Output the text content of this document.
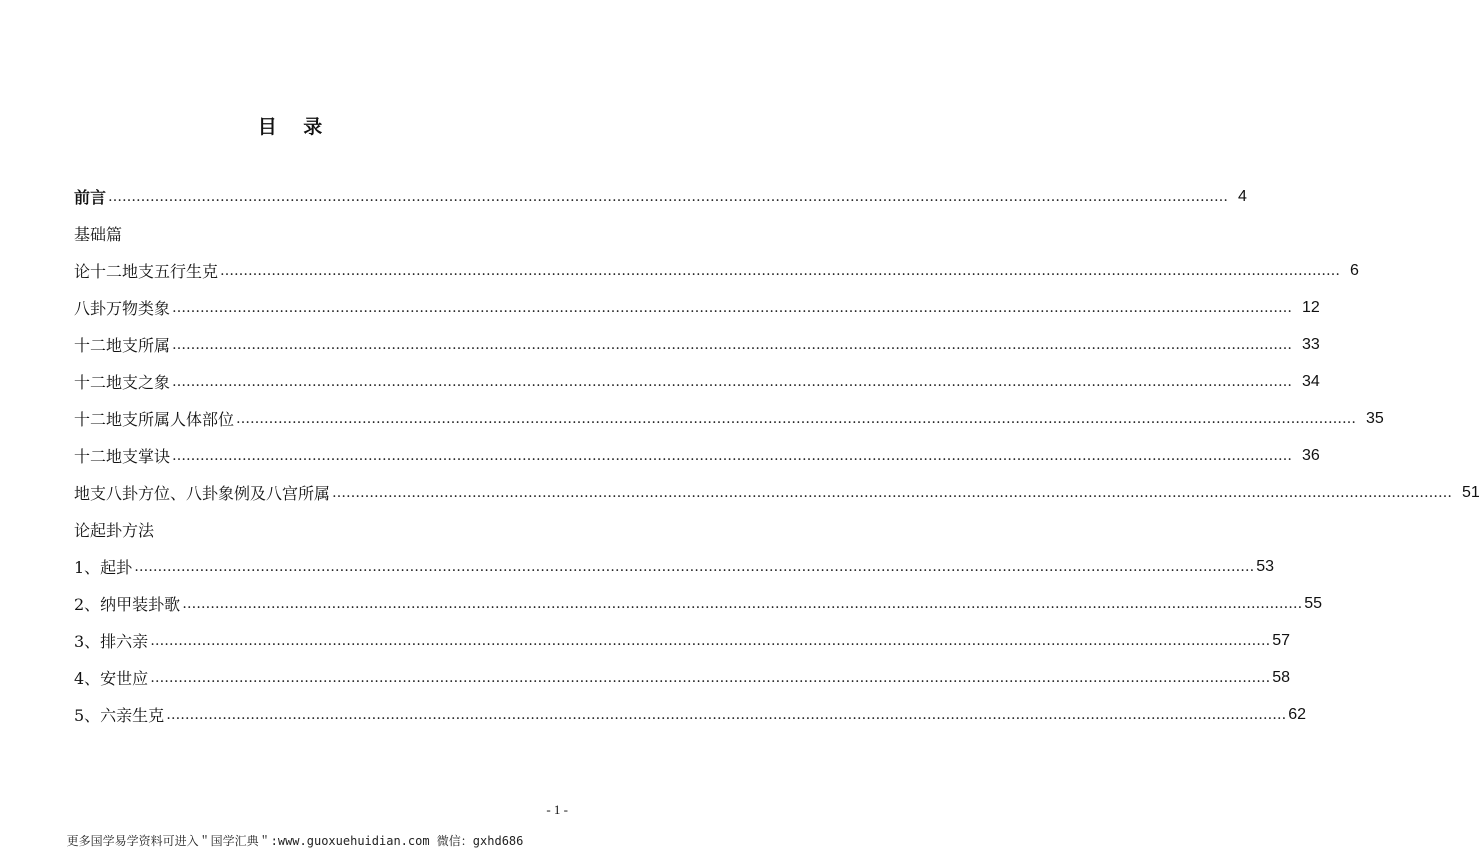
目 录
前言 …………………………………………………………………………………………………………………………………………………………………………………………………………………… 4
基础篇
论十二地支五行生克 …………………………………………………………………………………………………………………………………………………………………………………………………………………… 6
八卦万物类象 …………………………………………………………………………………………………………………………………………………………………………………………………………………… 12
十二地支所属 …………………………………………………………………………………………………………………………………………………………………………………………………………………… 33
十二地支之象 …………………………………………………………………………………………………………………………………………………………………………………………………………………… 34
十二地支所属人体部位 …………………………………………………………………………………………………………………………………………………………………………………………………………………… 35
十二地支掌诀 …………………………………………………………………………………………………………………………………………………………………………………………………………………… 36
地支八卦方位、八卦象例及八宫所属 …………………………………………………………………………………………………………………………………………………………………………………………………………………… 51
论起卦方法
1、起卦 …………………………………………………………………………………………………………………………………………………………………………………………………………………… 53
2、纳甲装卦歌 …………………………………………………………………………………………………………………………………………………………………………………………………………………… 55
3、排六亲 …………………………………………………………………………………………………………………………………………………………………………………………………………………… 57
4、安世应 …………………………………………………………………………………………………………………………………………………………………………………………………………………… 58
5、六亲生克 …………………………………………………………………………………………………………………………………………………………………………………………………………………… 62
- 1 -
更多国学易学资料可进入＂国学汇典＂:www.guoxuehuidian.com 微信：gxhd686
